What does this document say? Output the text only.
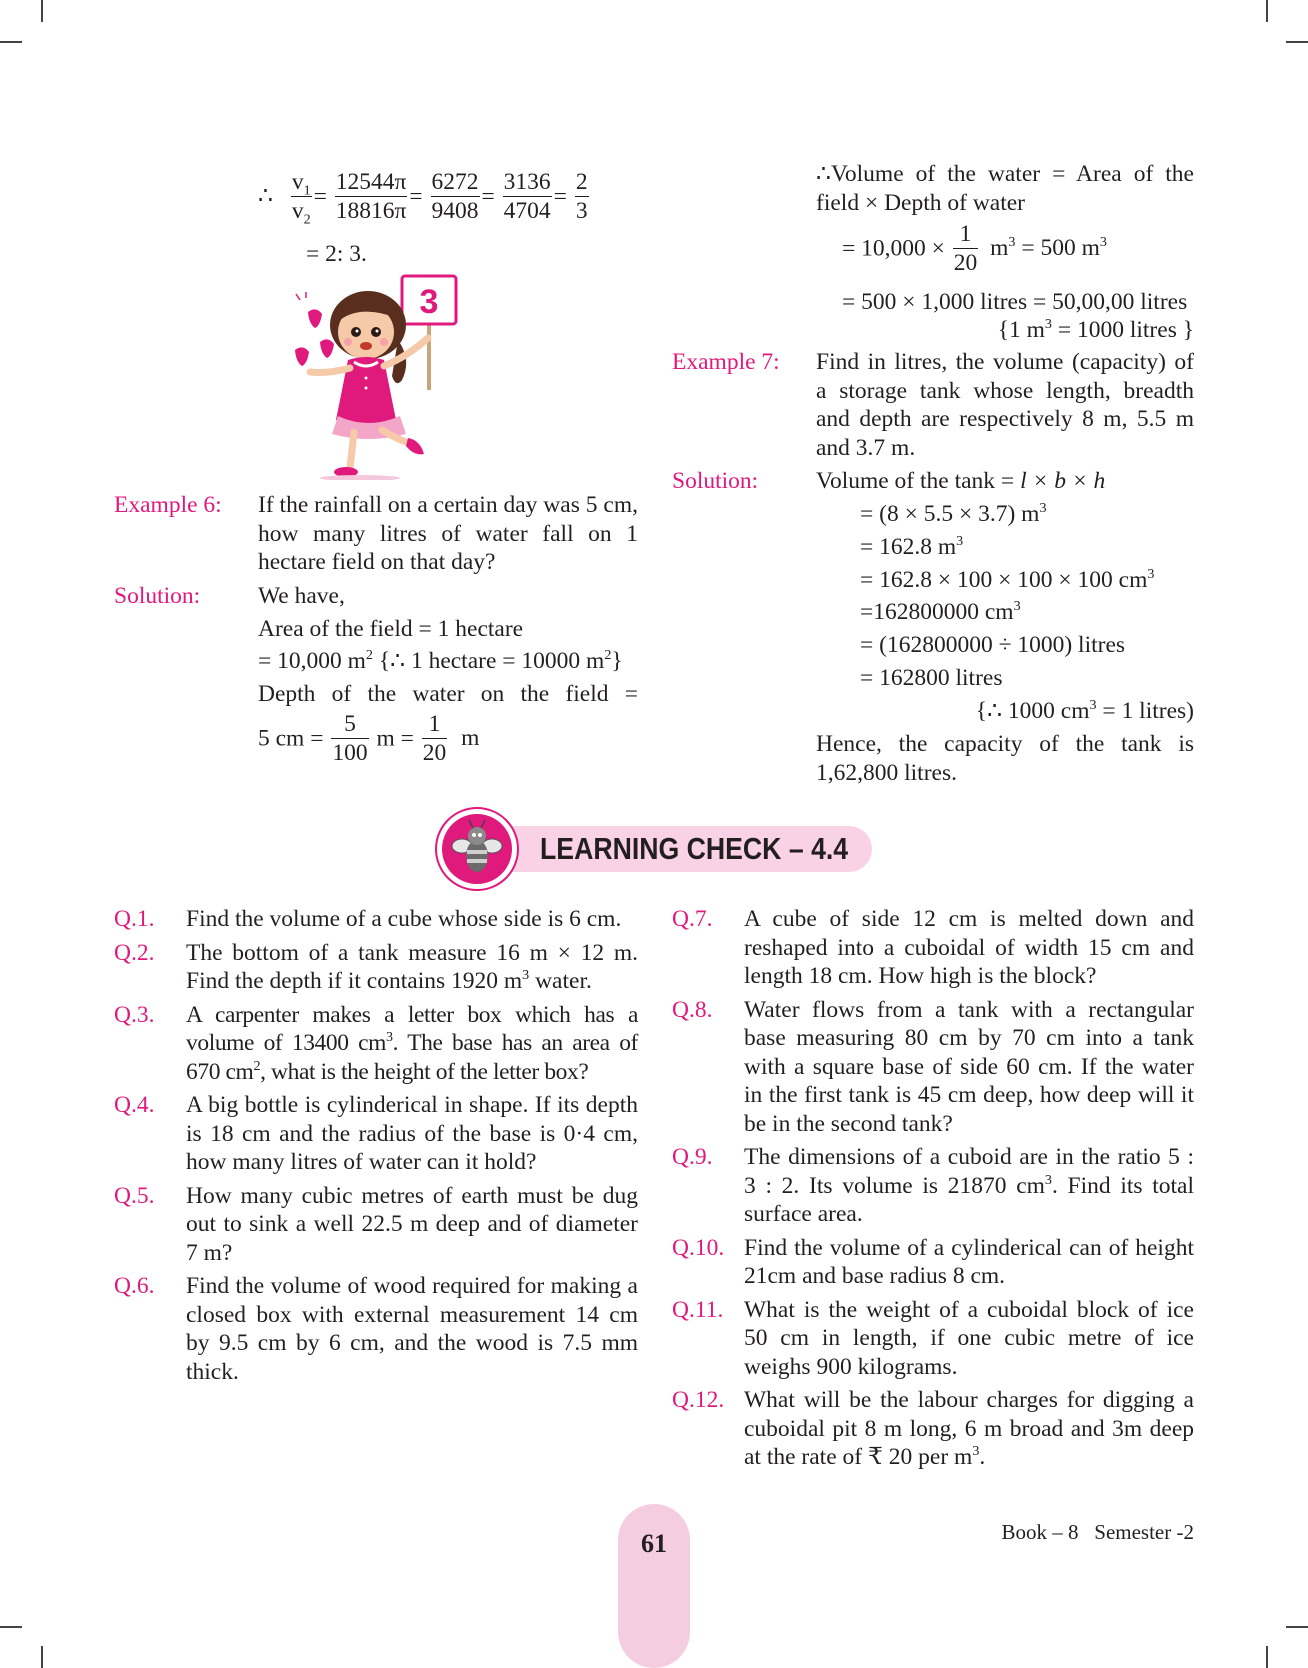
∴ $\frac{v_1}{v_2} = \frac{12544\pi}{18816\pi} = \frac{6272}{9408} = \frac{3136}{4704} = \frac{2}{3}$
= 2: 3.
3
Example 6: If the rainfall on a certain day was 5 cm, how many litres of water fall on 1 hectare field on that day?
Solution: We have,
Area of the field = 1 hectare
= 10,000 $m^2$ {∴ 1 hectare = 10000 $m^2$}
Depth of the water on the field =
5 cm = $\frac{5}{100}$ $m = \frac{1}{20}$ m
∴Volume of the water = Area of the field × Depth of water
= $10,000 \times \frac{1}{20} m^3 = 500$ $m^3$
= 500 × 1,000 litres = 50,00,00 litres
{1 $m^3 = 1000$ litres }
Example 7: Find in litres, the volume (capacity) of a storage tank whose length, breadth and depth are respectively 8 m, 5.5 m and 3.7 m.
Solution: Volume of the tank = l × b × h
= (8 × 5.5 × 3.7) $m^3$
= 162.8 $m^3$
= 162.8 × 100 × 100 × 100 $cm^3$
=162800000 $cm^3$
= (162800000 ÷ 1000) litres
= 162800 litres
{∴ 1000 $cm^3 = 1$ litres)
Hence, the capacity of the tank is 1,62,800 litres.
LEARNING CHECK – 4.4
Q.1. Find the volume of a cube whose side is 6 cm.
Q.2. The bottom of a tank measure 16 m × 12 m. Find the depth if it contains 1920 $m^3$ water.
Q.3. A carpenter makes a letter box which has a volume of 13400 $cm^3$. The base has an area of 670 $cm^2$, what is the height of the letter box?
Q.4. A big bottle is cylinderical in shape. If its depth is 18 cm and the radius of the base is 0·4 cm, how many litres of water can it hold?
Q.5. How many cubic metres of earth must be dug out to sink a well 22.5 m deep and of diameter 7 m?
Q.6. Find the volume of wood required for making a closed box with external measurement 14 cm by 9.5 cm by 6 cm, and the wood is 7.5 mm thick.
Q.7. A cube of side 12 cm is melted down and reshaped into a cuboidal of width 15 cm and length 18 cm. How high is the block?
Q.8. Water flows from a tank with a rectangular base measuring 80 cm by 70 cm into a tank with a square base of side 60 cm. If the water in the first tank is 45 cm deep, how deep will it be in the second tank?
Q.9. The dimensions of a cuboid are in the ratio 5 : 3 : 2. Its volume is 21870 $cm^3$. Find its total surface area.
Q.10. Find the volume of a cylinderical can of height 21cm and base radius 8 cm.
Q.11. What is the weight of a cuboidal block of ice 50 cm in length, if one cubic metre of ice weighs 900 kilograms.
Q.12. What will be the labour charges for digging a cuboidal pit 8 m long, 6 m broad and 3m deep at the rate of ₹ 20 per $m^3$.
61	Book – 8 Semester -2
